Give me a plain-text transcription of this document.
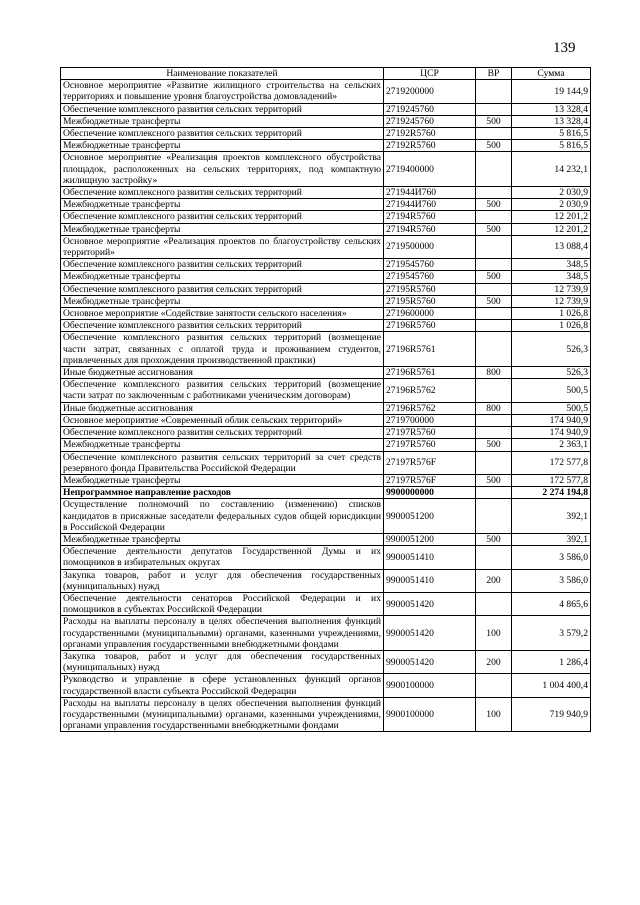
139
Наименование показателей	ЦСР	ВР	Сумма
Основное мероприятие «Развитие жилищного строительства на сельских территориях и повышение уровня благоустройства домовладений»	2719200000		19 144,9
Обеспечение комплексного развития сельских территорий	2719245760		13 328,4
Межбюджетные трансферты	2719245760	500	13 328,4
Обеспечение комплексного развития сельских территорий	27192R5760		5 816,5
Межбюджетные трансферты	27192R5760	500	5 816,5
Основное мероприятие «Реализация проектов комплексного обустройства площадок, расположенных на сельских территориях, под компактную жилищную застройку»	2719400000		14 232,1
Обеспечение комплексного развития сельских территорий	271944И760		2 030,9
Межбюджетные трансферты	271944И760	500	2 030,9
Обеспечение комплексного развития сельских территорий	27194R5760		12 201,2
Межбюджетные трансферты	27194R5760	500	12 201,2
Основное мероприятие «Реализация проектов по благоустройству сельских территорий»	2719500000		13 088,4
Обеспечение комплексного развития сельских территорий	2719545760		348,5
Межбюджетные трансферты	2719545760	500	348,5
Обеспечение комплексного развития сельских территорий	27195R5760		12 739,9
Межбюджетные трансферты	27195R5760	500	12 739,9
Основное мероприятие «Содействие занятости сельского населения»	2719600000		1 026,8
Обеспечение комплексного развития сельских территорий	27196R5760		1 026,8
Обеспечение комплексного развития сельских территорий (возмещение части затрат, связанных с оплатой труда и проживанием студентов, привлеченных для прохождения производственной практики)	27196R5761		526,3
Иные бюджетные ассигнования	27196R5761	800	526,3
Обеспечение комплексного развития сельских территорий (возмещение части затрат по заключенным с работниками ученическим договорам)	27196R5762		500,5
Иные бюджетные ассигнования	27196R5762	800	500,5
Основное мероприятие «Современный облик сельских территорий»	2719700000		174 940,9
Обеспечение комплексного развития сельских территорий	27197R5760		174 940,9
Межбюджетные трансферты	27197R5760	500	2 363,1
Обеспечение комплексного развития сельских территорий за счет средств резервного фонда Правительства Российской Федерации	27197R576F		172 577,8
Межбюджетные трансферты	27197R576F	500	172 577,8
Непрограммное направление расходов	9900000000		2 274 194,8
Осуществление полномочий по составлению (изменению) списков кандидатов в присяжные заседатели федеральных судов общей юрисдикции в Российской Федерации	9900051200		392,1
Межбюджетные трансферты	9900051200	500	392,1
Обеспечение деятельности депутатов Государственной Думы и их помощников в избирательных округах	9900051410		3 586,0
Закупка товаров, работ и услуг для обеспечения государственных (муниципальных) нужд	9900051410	200	3 586,0
Обеспечение деятельности сенаторов Российской Федерации и их помощников в субъектах Российской Федерации	9900051420		4 865,6
Расходы на выплаты персоналу в целях обеспечения выполнения функций государственными (муниципальными) органами, казенными учреждениями, органами управления государственными внебюджетными фондами	9900051420	100	3 579,2
Закупка товаров, работ и услуг для обеспечения государственных (муниципальных) нужд	9900051420	200	1 286,4
Руководство и управление в сфере установленных функций органов государственной власти субъекта Российской Федерации	9900100000		1 004 400,4
Расходы на выплаты персоналу в целях обеспечения выполнения функций государственными (муниципальными) органами, казенными учреждениями, органами управления государственными внебюджетными фондами	9900100000	100	719 940,9
